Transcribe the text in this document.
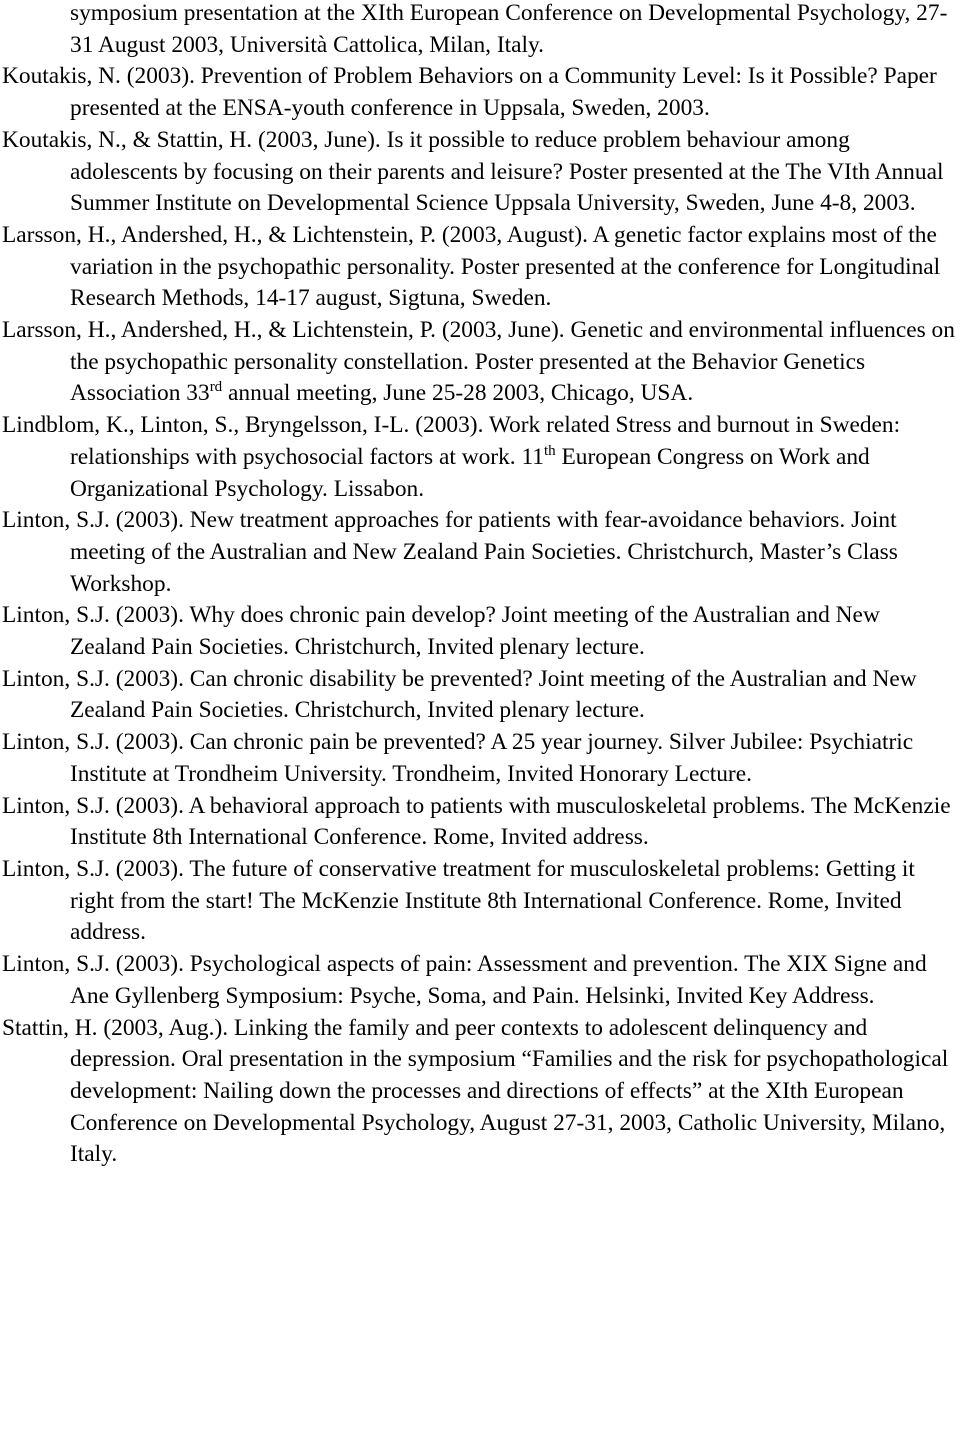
symposium presentation at the XIth European Conference on Developmental Psychology, 27-31 August 2003, Università Cattolica, Milan, Italy.

Koutakis, N. (2003). Prevention of Problem Behaviors on a Community Level: Is it Possible? Paper presented at the ENSA-youth conference in Uppsala, Sweden, 2003.

Koutakis, N., & Stattin, H. (2003, June). Is it possible to reduce problem behaviour among adolescents by focusing on their parents and leisure? Poster presented at the The VIth Annual Summer Institute on Developmental Science Uppsala University, Sweden, June 4-8, 2003.

Larsson, H., Andershed, H., & Lichtenstein, P. (2003, August). A genetic factor explains most of the variation in the psychopathic personality. Poster presented at the conference for Longitudinal Research Methods, 14-17 august, Sigtuna, Sweden.

Larsson, H., Andershed, H., & Lichtenstein, P. (2003, June). Genetic and environmental influences on the psychopathic personality constellation. Poster presented at the Behavior Genetics Association 33rd annual meeting, June 25-28 2003, Chicago, USA.

Lindblom, K., Linton, S., Bryngelsson, I-L. (2003). Work related Stress and burnout in Sweden: relationships with psychosocial factors at work. 11th European Congress on Work and Organizational Psychology. Lissabon.

Linton, S.J. (2003). New treatment approaches for patients with fear-avoidance behaviors. Joint meeting of the Australian and New Zealand Pain Societies. Christchurch, Master’s Class Workshop.

Linton, S.J. (2003). Why does chronic pain develop? Joint meeting of the Australian and New Zealand Pain Societies. Christchurch, Invited plenary lecture.

Linton, S.J. (2003). Can chronic disability be prevented? Joint meeting of the Australian and New Zealand Pain Societies. Christchurch, Invited plenary lecture.

Linton, S.J. (2003). Can chronic pain be prevented? A 25 year journey. Silver Jubilee: Psychiatric Institute at Trondheim University. Trondheim, Invited Honorary Lecture.

Linton, S.J. (2003). A behavioral approach to patients with musculoskeletal problems. The McKenzie Institute 8th International Conference. Rome, Invited address.

Linton, S.J. (2003). The future of conservative treatment for musculoskeletal problems: Getting it right from the start! The McKenzie Institute 8th International Conference. Rome, Invited address.

Linton, S.J. (2003). Psychological aspects of pain: Assessment and prevention. The XIX Signe and Ane Gyllenberg Symposium: Psyche, Soma, and Pain. Helsinki, Invited Key Address.

Stattin, H. (2003, Aug.). Linking the family and peer contexts to adolescent delinquency and depression. Oral presentation in the symposium “Families and the risk for psychopathological development: Nailing down the processes and directions of effects” at the XIth European Conference on Developmental Psychology, August 27-31, 2003, Catholic University, Milano, Italy.
